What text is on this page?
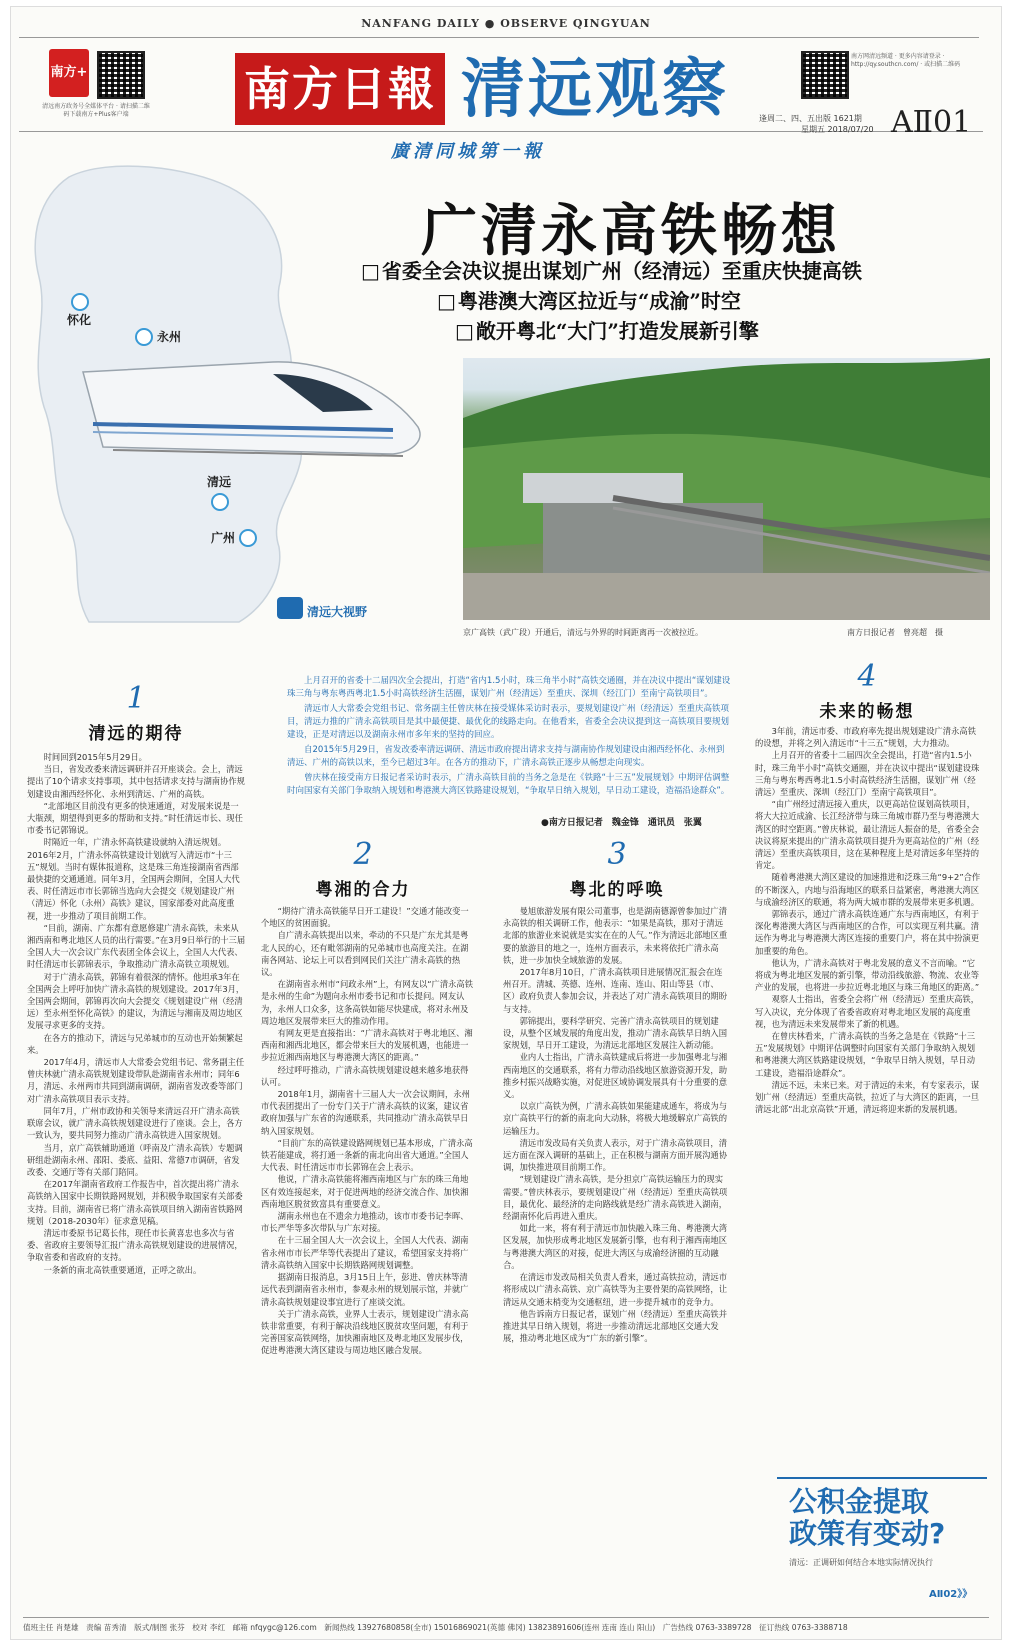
NANFANG DAILY ● OBSERVE QINGYUAN
南方+
清远南方政务号全媒体平台 · 请扫描二维码下载南方+Plus客户端	南方日報 清远观察	南方网清远频道 · 更多内容请登录 · http://qy.southcn.com/ · 或扫描二维码
廣清同城第一報
逢周二、四、五出版 1621期
星期五 2018/07/20 AⅡ01
怀化
永州
清远
广州
清远大视野
广清永高铁畅想
□ 省委全会决议提出谋划广州（经清远）至重庆快捷高铁
□ 粤港澳大湾区拉近与“成渝”时空
□ 敞开粤北“大门”打造发展新引擎
京广高铁（武广段）开通后，清远与外界的时间距离再一次被拉近。	南方日报记者　曾亮超　摄

上月召开的省委十二届四次全会提出，打造“省内1.5小时，珠三角半小时”高铁交通圈，并在决议中提出“谋划建设珠三角与粤东粤西粤北1.5小时高铁经济生活圈，谋划广州（经清远）至重庆、深圳（经江门）至南宁高铁项目”。

清远市人大常委会党组书记、常务副主任曾庆林在接受媒体采访时表示，要规划建设广州（经清远）至重庆高铁项目，清远力推的广清永高铁项目是其中最便捷、最优化的线路走向。在他看来，省委全会决议提到这一高铁项目要规划建设，正是对清远以及湖南永州市多年来的坚持的回应。

自2015年5月29日，省发改委率清远调研、清远市政府提出请求支持与湖南协作规划建设由湘西经怀化、永州到清远、广州的高铁以来，至今已超过3年。在各方的推动下，广清永高铁正逐步从畅想走向现实。

曾庆林在接受南方日报记者采访时表示，广清永高铁目前的当务之急是在《铁路“十三五”发展规划》中期评估调整时向国家有关部门争取纳入规划和粤港澳大湾区铁路建设规划，“争取早日纳入规划，早日动工建设，造福沿途群众”。

●南方日报记者　魏金锋　通讯员　张翼
1
清远的期待

时间回到2015年5月29日。

当日，省发改委来清远调研并召开座谈会。会上，清远提出了10个请求支持事项，其中包括请求支持与湖南协作规划建设由湘西经怀化、永州到清远、广州的高铁。

“北部地区目前没有更多的快速通道，对发展来说是一大瓶颈，期望得到更多的帮助和支持。”时任清远市长、现任市委书记郭锦说。

时隔近一年，广清永怀高铁建设就纳入清远规划。2016年2月，广清永怀高铁建设计划就写入清远市“十三五”规划。当时有媒体报道称，这是珠三角连接湖南省西部最快捷的交通通道。同年3月，全国两会期间，全国人大代表、时任清远市市长郭锦当选向大会提交《规划建设广州（清远）怀化（永州）高铁》建议，国家部委对此高度重视，进一步推动了项目前期工作。

“目前，湖南、广东都有意愿修建广清永高铁，未来从湘西南和粤北地区人员的出行需要。”在3月9日举行的十三届全国人大一次会议广东代表团全体会议上，全国人大代表、时任清远市长郭锦表示，争取推动广清永高铁立项规划。

对于广清永高铁，郭锦有着很深的情怀。他坦承3年在全国两会上呼吁加快广清永高铁的规划建设。2017年3月，全国两会期间，郭锦再次向大会提交《规划建设广州（经清远）至永州至怀化高铁》的建议，为清远与湘南及周边地区发展寻求更多的支持。

在各方的推动下，清远与兄弟城市的互动也开始频繁起来。

2017年4月，清远市人大常委会党组书记、常务副主任曾庆林就广清永高铁规划建设带队赴湖南省永州市；同年6月，清远、永州两市共同到湖南调研，湖南省发改委等部门对广清永高铁项目表示支持。

同年7月，广州市政协和关领导来清远召开广清永高铁联席会议，就广清永高铁规划建设进行了座谈。会上，各方一致认为，要共同努力推动广清永高铁进入国家规划。

当月，京广高铁辅助通道（呼南及广清永高铁）专题调研组赴湖南永州、邵阳、娄底、益阳、常德7市调研，省发改委、交通厅等有关部门陪同。

在2017年湖南省政府工作报告中，首次提出将广清永高铁纳入国家中长期铁路网规划，并积极争取国家有关部委支持。目前，湖南省已将广清永高铁项目纳入湖南省铁路网规划（2018-2030年）征求意见稿。

清远市委原书记葛长伟，现任市长黄喜忠也多次与省委、省政府主要领导汇报广清永高铁规划建设的进展情况，争取省委和省政府的支持。

一条新的南北高铁重要通道，正呼之欲出。

2
粤湘的合力

“期待广清永高铁能早日开工建设！”交通才能改变一个地区的贫困面貌。

自广清永高铁提出以来，牵动的不只是广东尤其是粤北人民的心，还有毗邻湖南的兄弟城市也高度关注。在湖南各网站、论坛上可以看到网民们关注广清永高铁的热议。

在湖南省永州市“问政永州”上，有网友以“广清永高铁是永州的生命”为题向永州市委书记和市长提问。网友认为，永州人口众多，这条高铁如能尽快建成，将对永州及周边地区发展带来巨大的推动作用。

有网友更是直接指出：“广清永高铁对于粤北地区、湘西南和湘西北地区，都会带来巨大的发展机遇，也能进一步拉近湘西南地区与粤港澳大湾区的距离。”

经过呼吁推动，广清永高铁规划建设越来越多地获得认可。

2018年1月，湖南省十三届人大一次会议期间，永州市代表团提出了一份专门关于广清永高铁的议案，建议省政府加强与广东省的沟通联系，共同推动广清永高铁早日纳入国家规划。

“目前广东的高铁建设路网规划已基本形成，广清永高铁若能建成，将打通一条新的南北向出省大通道。”全国人大代表、时任清远市市长郭锦在会上表示。

他说，广清永高铁能将湘西南地区与广东的珠三角地区有效连接起来，对于促进两地的经济交流合作、加快湘西南地区脱贫致富具有重要意义。

湖南永州也在不遗余力地推动，该市市委书记李晖、市长严华等多次带队与广东对接。

在十三届全国人大一次会议上，全国人大代表、湖南省永州市市长严华等代表提出了建议，希望国家支持将广清永高铁纳入国家中长期铁路网规划调整。

据湖南日报消息，3月15日上午，彭进、曾庆林等清远代表到湖南省永州市，参观永州的规划展示馆，并就广清永高铁规划建设事宜进行了座谈交流。

关于广清永高铁，业界人士表示，规划建设广清永高铁非常重要，有利于解决沿线地区脱贫攻坚问题，有利于完善国家高铁网络，加快湘南地区及粤北地区发展步伐，促进粤港澳大湾区建设与周边地区融合发展。

3
粤北的呼唤

曼旭旅游发展有限公司董事，也是湖南德源曾参加过广清永高铁的相关调研工作，他表示：“如果是高铁，那对于清远北部的旅游业来说就是实实在在的人气。”作为清远北部地区重要的旅游目的地之一，连州方面表示，未来将依托广清永高铁，进一步加快全域旅游的发展。

2017年8月10日，广清永高铁项目进展情况汇报会在连州召开。清城、英德、连州、连南、连山、阳山等县（市、区）政府负责人参加会议，并表达了对广清永高铁项目的期盼与支持。

郭锦提出，要科学研究、完善广清永高铁项目的规划建设，从整个区域发展的角度出发，推动广清永高铁早日纳入国家规划，早日开工建设，为清远北部地区发展注入新动能。

业内人士指出，广清永高铁建成后将进一步加强粤北与湘西南地区的交通联系，将有力带动沿线地区旅游资源开发，助推乡村振兴战略实施，对促进区域协调发展具有十分重要的意义。

以京广高铁为例，广清永高铁如果能建成通车，将成为与京广高铁平行的新的南北向大动脉，将极大地缓解京广高铁的运输压力。

清远市发改局有关负责人表示，对于广清永高铁项目，清远方面在深入调研的基础上，正在积极与湖南方面开展沟通协调，加快推进项目前期工作。

“规划建设广清永高铁，是分担京广高铁运输压力的现实需要。”曾庆林表示，要规划建设广州（经清远）至重庆高铁项目，最优化、最经济的走向路线就是经广清永高铁进入湖南，经湖南怀化后再进入重庆。

如此一来，将有利于清远市加快融入珠三角、粤港澳大湾区发展，加快形成粤北地区发展新引擎，也有利于湘西南地区与粤港澳大湾区的对接，促进大湾区与成渝经济圈的互动融合。

在清远市发改局相关负责人看来，通过高铁拉动，清远市将形成以广清永高铁、京广高铁等为主要骨架的高铁网络，让清远从交通末梢变为交通枢纽，进一步提升城市的竞争力。

他告诉南方日报记者，谋划广州（经清远）至重庆高铁并推进其早日纳入规划，将进一步推动清远北部地区交通大发展，推动粤北地区成为“广东的新引擎”。

4
未来的畅想

3年前，清远市委、市政府率先提出规划建设广清永高铁的设想，并将之列入清远市“十三五”规划，大力推动。

上月召开的省委十二届四次全会提出，打造“省内1.5小时，珠三角半小时”高铁交通圈，并在决议中提出“谋划建设珠三角与粤东粤西粤北1.5小时高铁经济生活圈，谋划广州（经清远）至重庆、深圳（经江门）至南宁高铁项目”。

“由广州经过清远接入重庆，以更高站位谋划高铁项目，将大大拉近成渝、长江经济带与珠三角城市群乃至与粤港澳大湾区的时空距离。”曾庆林说，最让清远人振奋的是，省委全会决议将原来提出的广清永高铁项目提升为更高站位的广州（经清远）至重庆高铁项目，这在某种程度上是对清远多年坚持的肯定。

随着粤港澳大湾区建设的加速推进和泛珠三角“9+2”合作的不断深入，内地与沿海地区的联系日益紧密，粤港澳大湾区与成渝经济区的联通，将为两大城市群的发展带来更多机遇。

郭锦表示，通过广清永高铁连通广东与西南地区，有利于深化粤港澳大湾区与西南地区的合作，可以实现互利共赢。清远作为粤北与粤港澳大湾区连接的重要门户，将在其中扮演更加重要的角色。

他认为，广清永高铁对于粤北发展的意义不言而喻。“它将成为粤北地区发展的新引擎，带动沿线旅游、物流、农业等产业的发展，也将进一步拉近粤北地区与珠三角地区的距离。”

观察人士指出，省委全会将广州（经清远）至重庆高铁，写入决议，充分体现了省委省政府对粤北地区发展的高度重视，也为清远未来发展带来了新的机遇。

在曾庆林看来，广清永高铁的当务之急是在《铁路“十三五”发展规划》中期评估调整时向国家有关部门争取纳入规划和粤港澳大湾区铁路建设规划，“争取早日纳入规划，早日动工建设，造福沿途群众”。

清远不远，未来已来。对于清远的未来，有专家表示，谋划广州（经清远）至重庆高铁，拉近了与大湾区的距离，一旦清远北部“出北京高铁”开通，清远将迎来新的发展机遇。

公积金提取
政策有变动?
清远：正调研如何结合本地实际情况执行
AⅡ02》》
值班主任 肖楚雄　责编 苗秀清　版式/制图 张芬　校对 李红　邮箱 nfqygc@126.com　新闻热线 13927680858(全市) 15016869021(英德 佛冈) 13823891606(连州 连南 连山 阳山)　广告热线 0763-3389728　征订热线 0763-3388718
